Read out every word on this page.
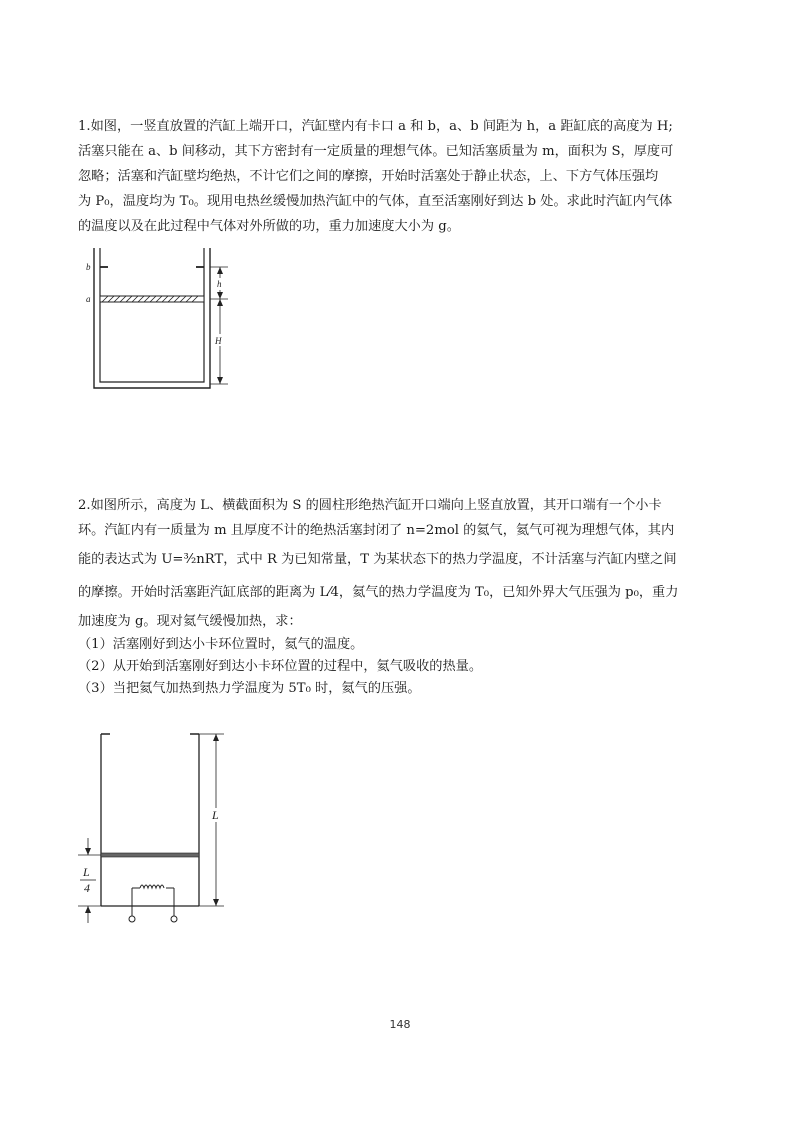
1.如图，一竖直放置的汽缸上端开口，汽缸壁内有卡口 a 和 b，a、b 间距为 h，a 距缸底的高度为 H;
活塞只能在 a、b 间移动，其下方密封有一定质量的理想气体。已知活塞质量为 m，面积为 S，厚度可
忽略；活塞和汽缸壁均绝热，不计它们之间的摩擦，开始时活塞处于静止状态，上、下方气体压强均
为 P₀，温度均为 T₀。现用电热丝缓慢加热汽缸中的气体，直至活塞刚好到达 b 处。求此时汽缸内气体
的温度以及在此过程中气体对外所做的功，重力加速度大小为 g。
b
a
h
H
2.如图所示，高度为 L、横截面积为 S 的圆柱形绝热汽缸开口端向上竖直放置，其开口端有一个小卡
环。汽缸内有一质量为 m 且厚度不计的绝热活塞封闭了 n=2mol 的氦气，氦气可视为理想气体，其内
能的表达式为 U=³⁄₂nRT，式中 R 为已知常量，T 为某状态下的热力学温度，不计活塞与汽缸内壁之间
的摩擦。开始时活塞距汽缸底部的距离为 L⁄4，氦气的热力学温度为 T₀，已知外界大气压强为 p₀，重力
加速度为 g。现对氦气缓慢加热，求：
（1）活塞刚好到达小卡环位置时，氦气的温度。
（2）从开始到活塞刚好到达小卡环位置的过程中，氦气吸收的热量。
（3）当把氦气加热到热力学温度为 5T₀ 时，氦气的压强。
L
L
4
148
